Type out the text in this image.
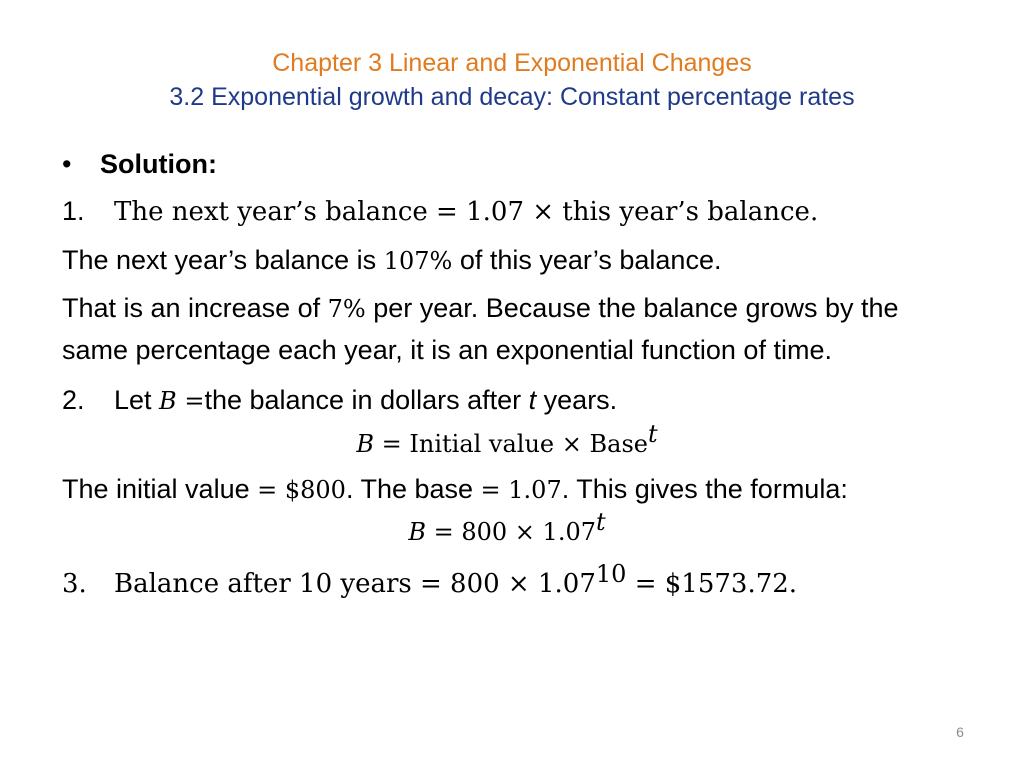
Chapter 3 Linear and Exponential Changes
3.2 Exponential growth and decay: Constant percentage rates
• Solution:
1. The next year’s balance = 1.07 × this year’s balance.
The next year’s balance is 107% of this year’s balance.
That is an increase of 7% per year. Because the balance grows by the same percentage each year, it is an exponential function of time.
2. Let B =the balance in dollars after t years.
B = Initial value × Base$^t$
The initial value = $800. The base = 1.07. This gives the formula:
$B = 800 \times 1.07^t$
3. Balance after 10 years = $800 \times 1.07^{10}$ = $1573.72.
6
